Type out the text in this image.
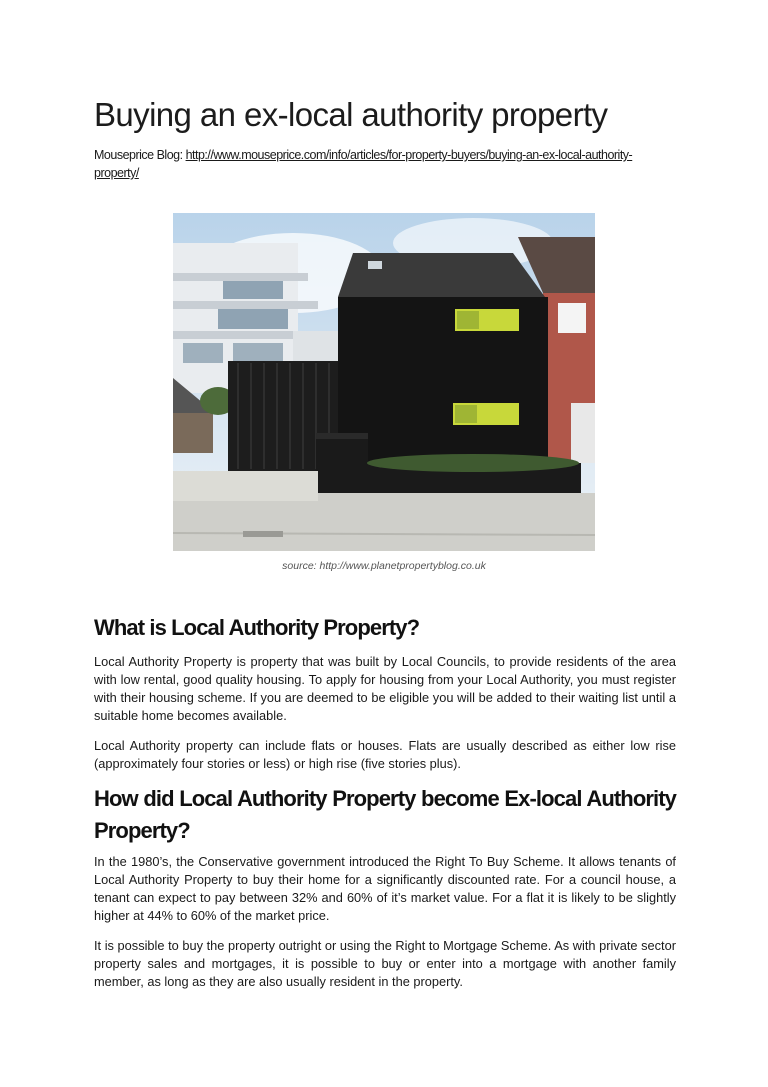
Buying an ex-local authority property
Mouseprice Blog: http://www.mouseprice.com/info/articles/for-property-buyers/buying-an-ex-local-authority-property/
source: http://www.planetpropertyblog.co.uk
What is Local Authority Property?

Local Authority Property is property that was built by Local Councils, to provide residents of the area with low rental, good quality housing. To apply for housing from your Local Authority, you must register with their housing scheme. If you are deemed to be eligible you will be added to their waiting list until a suitable home becomes available.

Local Authority property can include flats or houses. Flats are usually described as either low rise (approximately four stories or less) or high rise (five stories plus).

How did Local Authority Property become Ex-local Authority Property?

In the 1980’s, the Conservative government introduced the Right To Buy Scheme. It allows tenants of Local Authority Property to buy their home for a significantly discounted rate. For a council house, a tenant can expect to pay between 32% and 60% of it’s market value. For a flat it is likely to be slightly higher at 44% to 60% of the market price.

It is possible to buy the property outright or using the Right to Mortgage Scheme. As with private sector property sales and mortgages, it is possible to buy or enter into a mortgage with another family member, as long as they are also usually resident in the property.
